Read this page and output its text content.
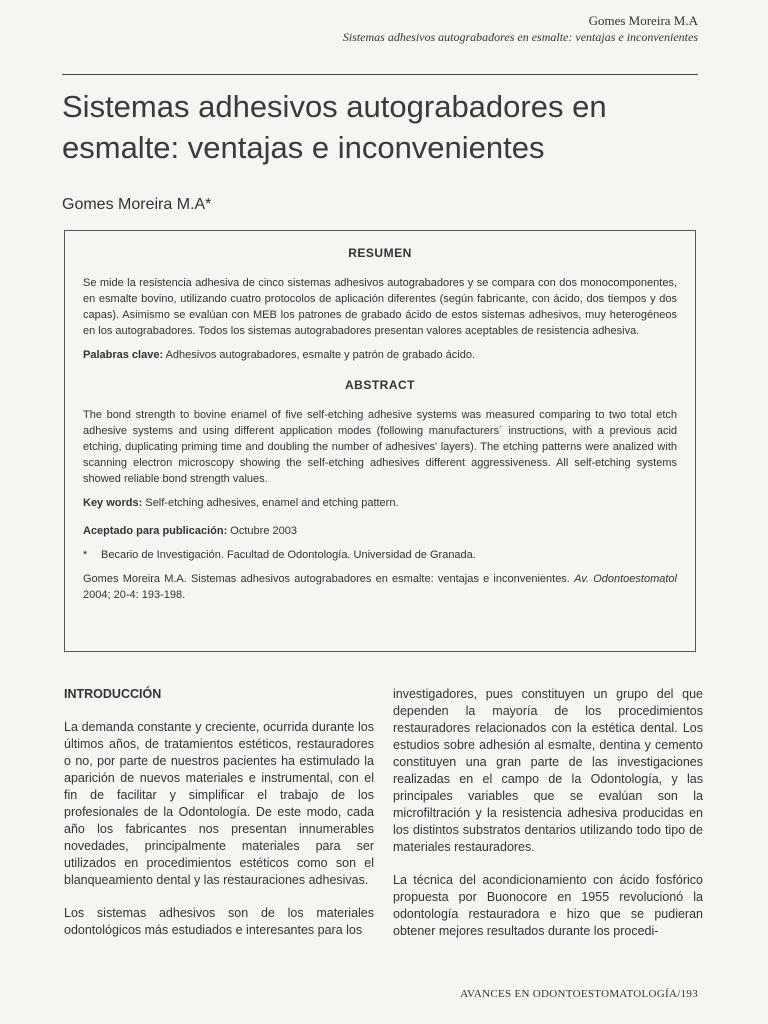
Gomes Moreira M.A
Sistemas adhesivos autograbadores en esmalte: ventajas e inconvenientes
Sistemas adhesivos autograbadores en esmalte: ventajas e inconvenientes
Gomes Moreira M.A*
RESUMEN

Se mide la resistencia adhesiva de cinco sistemas adhesivos autograbadores y se compara con dos monocomponentes, en esmalte bovino, utilizando cuatro protocolos de aplicación diferentes (según fabricante, con ácido, dos tiempos y dos capas). Asimismo se evalúan con MEB los patrones de grabado ácido de estos sistemas adhesivos, muy heterogéneos en los autograbadores. Todos los sistemas autograbadores presentan valores aceptables de resistencia adhesiva.

Palabras clave: Adhesivos autograbadores, esmalte y patrón de grabado ácido.

ABSTRACT

The bond strength to bovine enamel of five self-etching adhesive systems was measured comparing to two total etch adhesive systems and using different application modes (following manufacturers´ instructions, with a previous acid etching, duplicating priming time and doubling the number of adhesives' layers). The etching patterns were analized with scanning electron microscopy showing the self-etching adhesives different aggressiveness. All self-etching systems showed reliable bond strength values.

Key words: Self-etching adhesives, enamel and etching pattern.

Aceptado para publicación: Octubre 2003

*	Becario de Investigación. Facultad de Odontología. Universidad de Granada.

Gomes Moreira M.A. Sistemas adhesivos autograbadores en esmalte: ventajas e inconvenientes. Av. Odontoestomatol 2004; 20-4: 193-198.

INTRODUCCIÓN

La demanda constante y creciente, ocurrida durante los últimos años, de tratamientos estéticos, restauradores o no, por parte de nuestros pacientes ha estimulado la aparición de nuevos materiales e instrumental, con el fin de facilitar y simplificar el trabajo de los profesionales de la Odontología. De este modo, cada año los fabricantes nos presentan innumerables novedades, principalmente materiales para ser utilizados en procedimientos estéticos como son el blanqueamiento dental y las restauraciones adhesivas.

Los sistemas adhesivos son de los materiales odontológicos más estudiados e interesantes para los

investigadores, pues constituyen un grupo del que dependen la mayoría de los procedimientos restauradores relacionados con la estética dental. Los estudios sobre adhesión al esmalte, dentina y cemento constituyen una gran parte de las investigaciones realizadas en el campo de la Odontología, y las principales variables que se evalúan son la microfiltración y la resistencia adhesiva producidas en los distintos substratos dentarios utilizando todo tipo de materiales restauradores.

La técnica del acondicionamiento con ácido fosfórico propuesta por Buonocore en 1955 revolucionó la odontología restauradora e hizo que se pudieran obtener mejores resultados durante los procedi-

AVANCES EN ODONTOESTOMATOLOGÍA/193
